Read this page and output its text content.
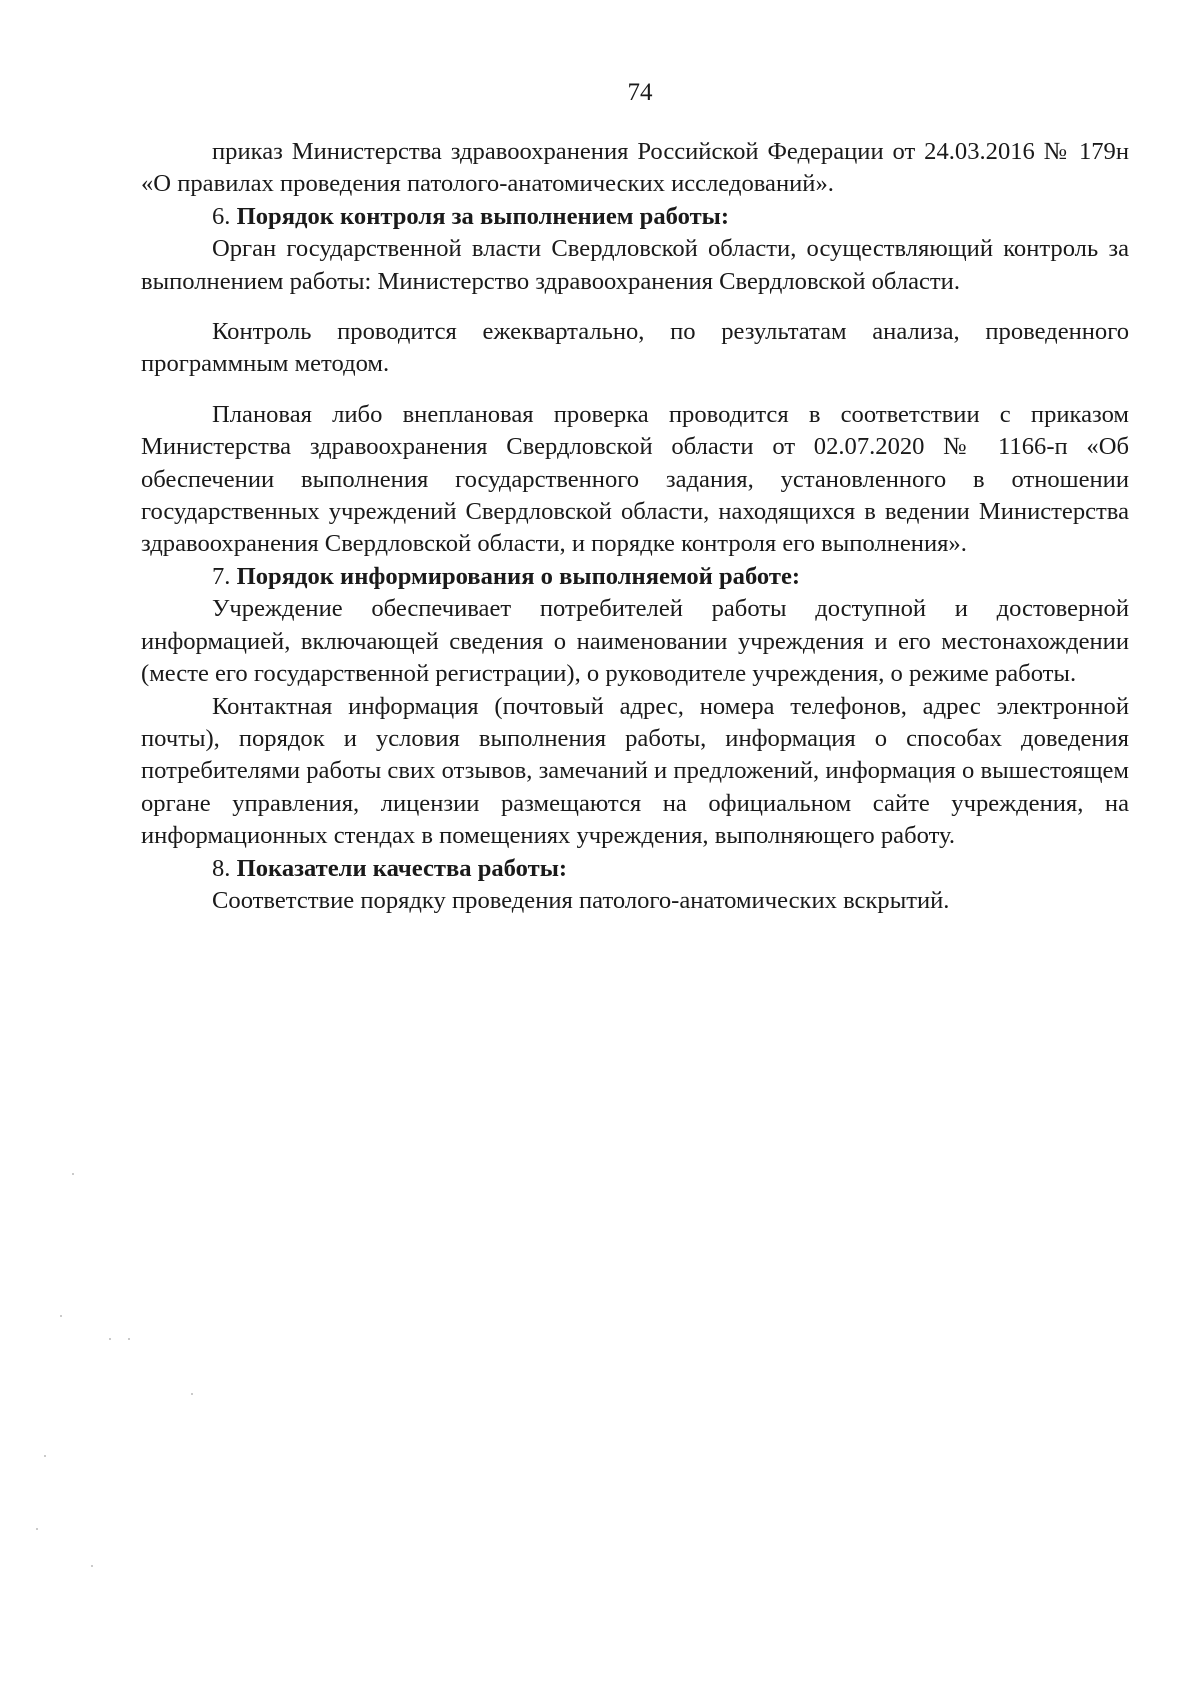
74

приказ Министерства здравоохранения Российской Федерации от 24.03.2016 № 179н «О правилах проведения патолого-анатомических исследований».

6. Порядок контроля за выполнением работы:

Орган государственной власти Свердловской области, осуществляющий контроль за выполнением работы: Министерство здравоохранения Свердловской области.

Контроль проводится ежеквартально, по результатам анализа, проведенного программным методом.

Плановая либо внеплановая проверка проводится в соответствии с приказом Министерства здравоохранения Свердловской области от 02.07.2020 № 1166-п «Об обеспечении выполнения государственного задания, установленного в отношении государственных учреждений Свердловской области, находящихся в ведении Министерства здравоохранения Свердловской области, и порядке контроля его выполнения».

7. Порядок информирования о выполняемой работе:

Учреждение обеспечивает потребителей работы доступной и достоверной информацией, включающей сведения о наименовании учреждения и его местонахождении (месте его государственной регистрации), о руководителе учреждения, о режиме работы.

Контактная информация (почтовый адрес, номера телефонов, адрес электронной почты), порядок и условия выполнения работы, информация о способах доведения потребителями работы свих отзывов, замечаний и предложений, информация о вышестоящем органе управления, лицензии размещаются на официальном сайте учреждения, на информационных стендах в помещениях учреждения, выполняющего работу.

8. Показатели качества работы:

Соответствие порядку проведения патолого-анатомических вскрытий.
